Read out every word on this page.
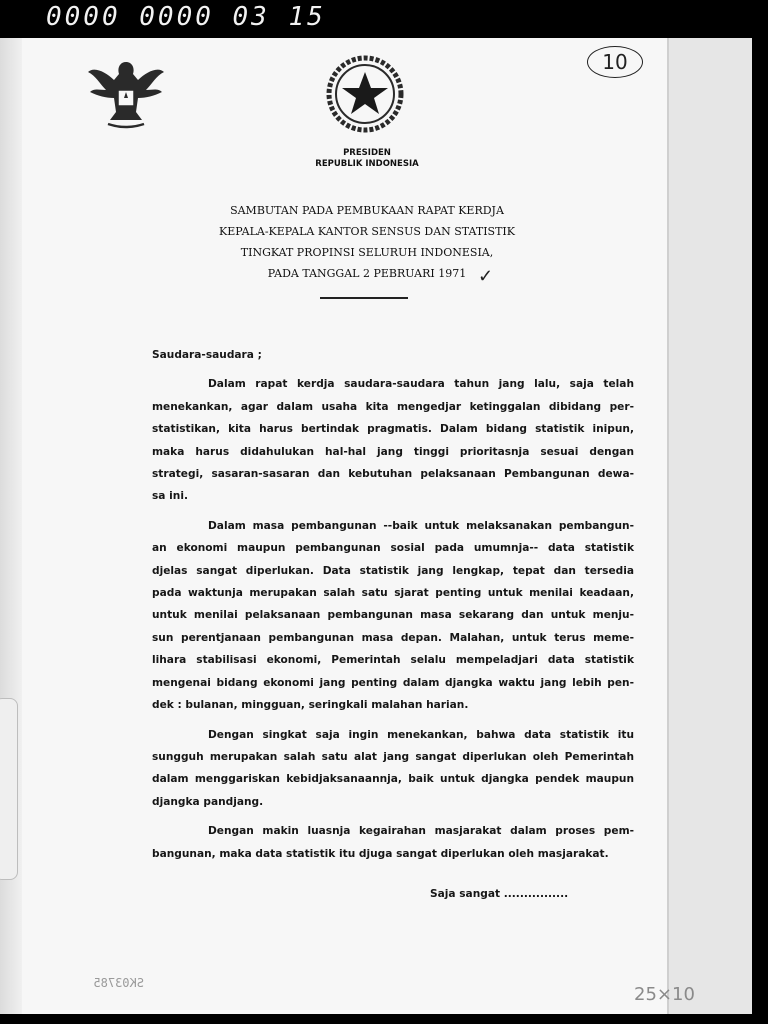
0000 0000 03 15
10
PRESIDEN
REPUBLIK INDONESIA
SAMBUTAN PADA PEMBUKAAN RAPAT KERDJA
KEPALA-KEPALA KANTOR SENSUS DAN STATISTIK
TINGKAT PROPINSI SELURUH INDONESIA,
PADA TANGGAL 2 PEBRUARI 1971 ✓
Saudara-saudara ;
Dalam rapat kerdja saudara-saudara tahun jang lalu, saja telah
menekankan, agar dalam usaha kita mengedjar ketinggalan dibidang per-
statistikan, kita harus bertindak pragmatis. Dalam bidang statistik inipun,
maka harus didahulukan hal-hal jang tinggi prioritasnja sesuai dengan
strategi, sasaran-sasaran dan kebutuhan pelaksanaan Pembangunan dewa-
sa ini.
Dalam masa pembangunan --baik untuk melaksanakan pembangun-
an ekonomi maupun pembangunan sosial pada umumnja-- data statistik
djelas sangat diperlukan. Data statistik jang lengkap, tepat dan tersedia
pada waktunja merupakan salah satu sjarat penting untuk menilai keadaan,
untuk menilai pelaksanaan pembangunan masa sekarang dan untuk menju-
sun perentjanaan pembangunan masa depan. Malahan, untuk terus meme-
lihara stabilisasi ekonomi, Pemerintah selalu mempeladjari data statistik
mengenai bidang ekonomi jang penting dalam djangka waktu jang lebih pen-
dek : bulanan, mingguan, seringkali malahan harian.
Dengan singkat saja ingin menekankan, bahwa data statistik itu
sungguh merupakan salah satu alat jang sangat diperlukan oleh Pemerintah
dalam menggariskan kebidjaksanaannja, baik untuk djangka pendek maupun
djangka pandjang.
Dengan makin luasnja kegairahan masjarakat dalam proses pem-
bangunan, maka data statistik itu djuga sangat diperlukan oleh masjarakat.
Saja sangat ................
SK03785
25×10
